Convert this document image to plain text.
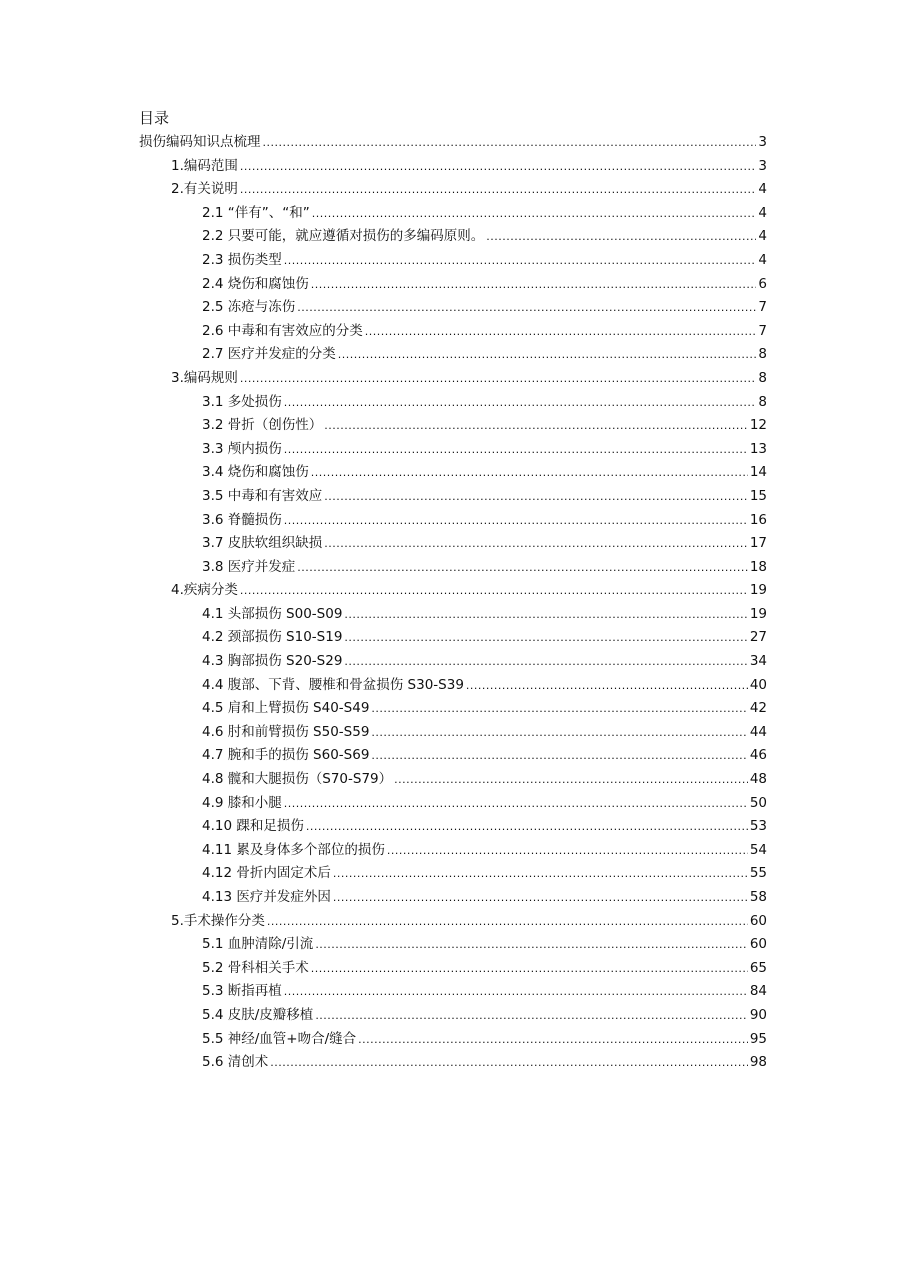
目录
损伤编码知识点梳理 .....	3
1.编码范围 .....	3
2.有关说明 .....	4
2.1 “伴有”、“和” .....	4
2.2 只要可能，就应遵循对损伤的多编码原则。 .....	4
2.3 损伤类型 .....	4
2.4 烧伤和腐蚀伤 .....	6
2.5 冻疮与冻伤 .....	7
2.6 中毒和有害效应的分类 .....	7
2.7 医疗并发症的分类 .....	8
3.编码规则 .....	8
3.1 多处损伤 .....	8
3.2 骨折（创伤性） .....	12
3.3 颅内损伤 .....	13
3.4 烧伤和腐蚀伤 .....	14
3.5 中毒和有害效应 .....	15
3.6 脊髓损伤 .....	16
3.7 皮肤软组织缺损 .....	17
3.8 医疗并发症 .....	18
4.疾病分类 .....	19
4.1 头部损伤 S00-S09 .....	19
4.2 颈部损伤 S10-S19 .....	27
4.3 胸部损伤 S20-S29 .....	34
4.4 腹部、下背、腰椎和骨盆损伤 S30-S39 .....	40
4.5 肩和上臂损伤 S40-S49 .....	42
4.6 肘和前臂损伤 S50-S59 .....	44
4.7 腕和手的损伤 S60-S69 .....	46
4.8 髋和大腿损伤（S70-S79） .....	48
4.9 膝和小腿 .....	50
4.10 踝和足损伤 .....	53
4.11 累及身体多个部位的损伤 .....	54
4.12 骨折内固定术后 .....	55
4.13 医疗并发症外因 .....	58
5.手术操作分类 .....	60
5.1 血肿清除/引流 .....	60
5.2 骨科相关手术 .....	65
5.3 断指再植 .....	84
5.4 皮肤/皮瓣移植 .....	90
5.5 神经/血管+吻合/缝合 .....	95
5.6 清创术 .....	98
